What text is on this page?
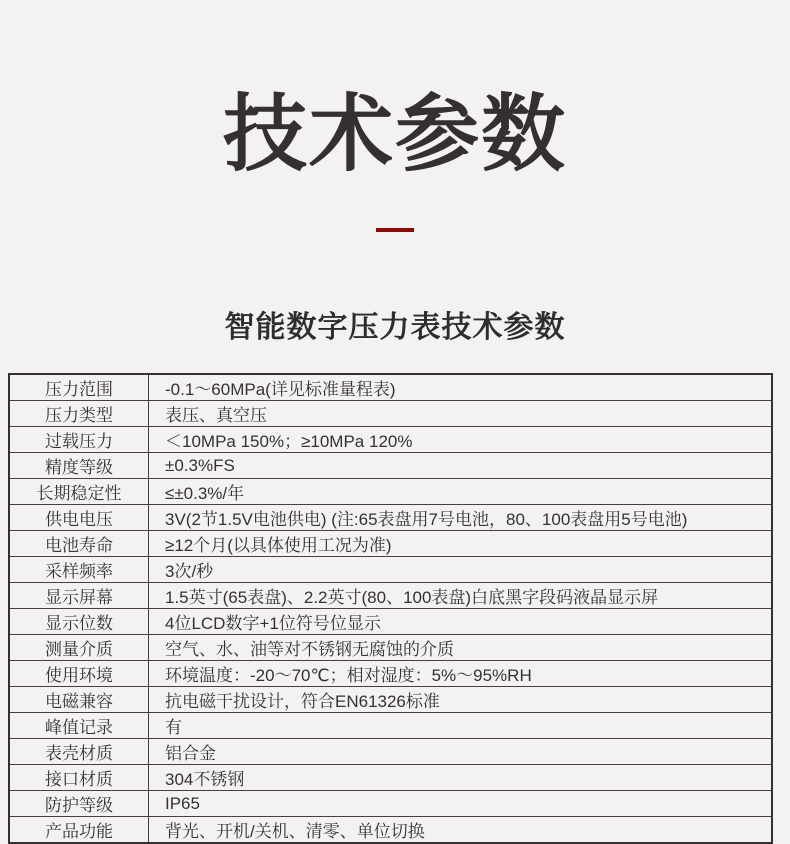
技术参数
智能数字压力表技术参数
压力范围	-0.1～60MPa(详见标准量程表)
压力类型	表压、真空压
过载压力	＜10MPa 150%；≥10MPa 120%
精度等级	±0.3%FS
长期稳定性	≤±0.3%/年
供电电压	3V(2节1.5V电池供电) (注:65表盘用7号电池，80、100表盘用5号电池)
电池寿命	≥12个月(以具体使用工况为准)
采样频率	3次/秒
显示屏幕	1.5英寸(65表盘)、2.2英寸(80、100表盘)白底黑字段码液晶显示屏
显示位数	4位LCD数字+1位符号位显示
测量介质	空气、水、油等对不锈钢无腐蚀的介质
使用环境	环境温度：-20～70℃；相对湿度：5%～95%RH
电磁兼容	抗电磁干扰设计，符合EN61326标准
峰值记录	有
表壳材质	铝合金
接口材质	304不锈钢
防护等级	IP65
产品功能	背光、开机/关机、清零、单位切换
